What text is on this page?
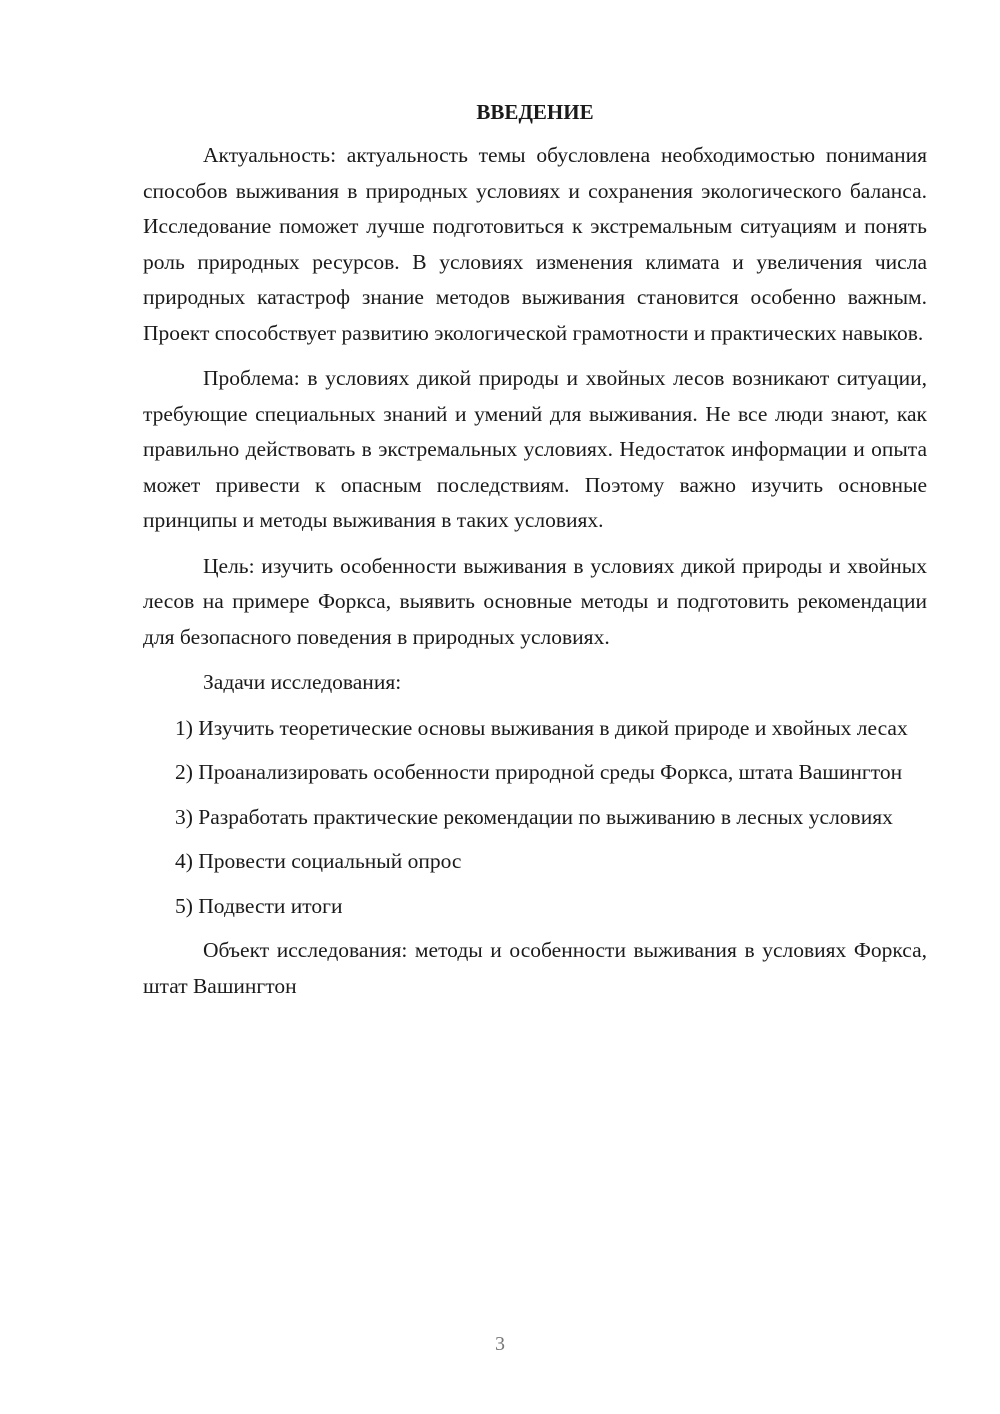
ВВЕДЕНИЕ

Актуальность: актуальность темы обусловлена необходимостью понимания способов выживания в природных условиях и сохранения экологического баланса. Исследование поможет лучше подготовиться к экстремальным ситуациям и понять роль природных ресурсов. В условиях изменения климата и увеличения числа природных катастроф знание методов выживания становится особенно важным. Проект способствует развитию экологической грамотности и практических навыков.

Проблема: в условиях дикой природы и хвойных лесов возникают ситуации, требующие специальных знаний и умений для выживания. Не все люди знают, как правильно действовать в экстремальных условиях. Недостаток информации и опыта может привести к опасным последствиям. Поэтому важно изучить основные принципы и методы выживания в таких условиях.

Цель: изучить особенности выживания в условиях дикой природы и хвойных лесов на примере Форкса, выявить основные методы и подготовить рекомендации для безопасного поведения в природных условиях.

Задачи исследования:

1) Изучить теоретические основы выживания в дикой природе и хвойных лесах

2) Проанализировать особенности природной среды Форкса, штата Вашингтон

3) Разработать практические рекомендации по выживанию в лесных условиях

4) Провести социальный опрос

5) Подвести итоги

Объект исследования: методы и особенности выживания в условиях Форкса, штат Вашингтон

3
